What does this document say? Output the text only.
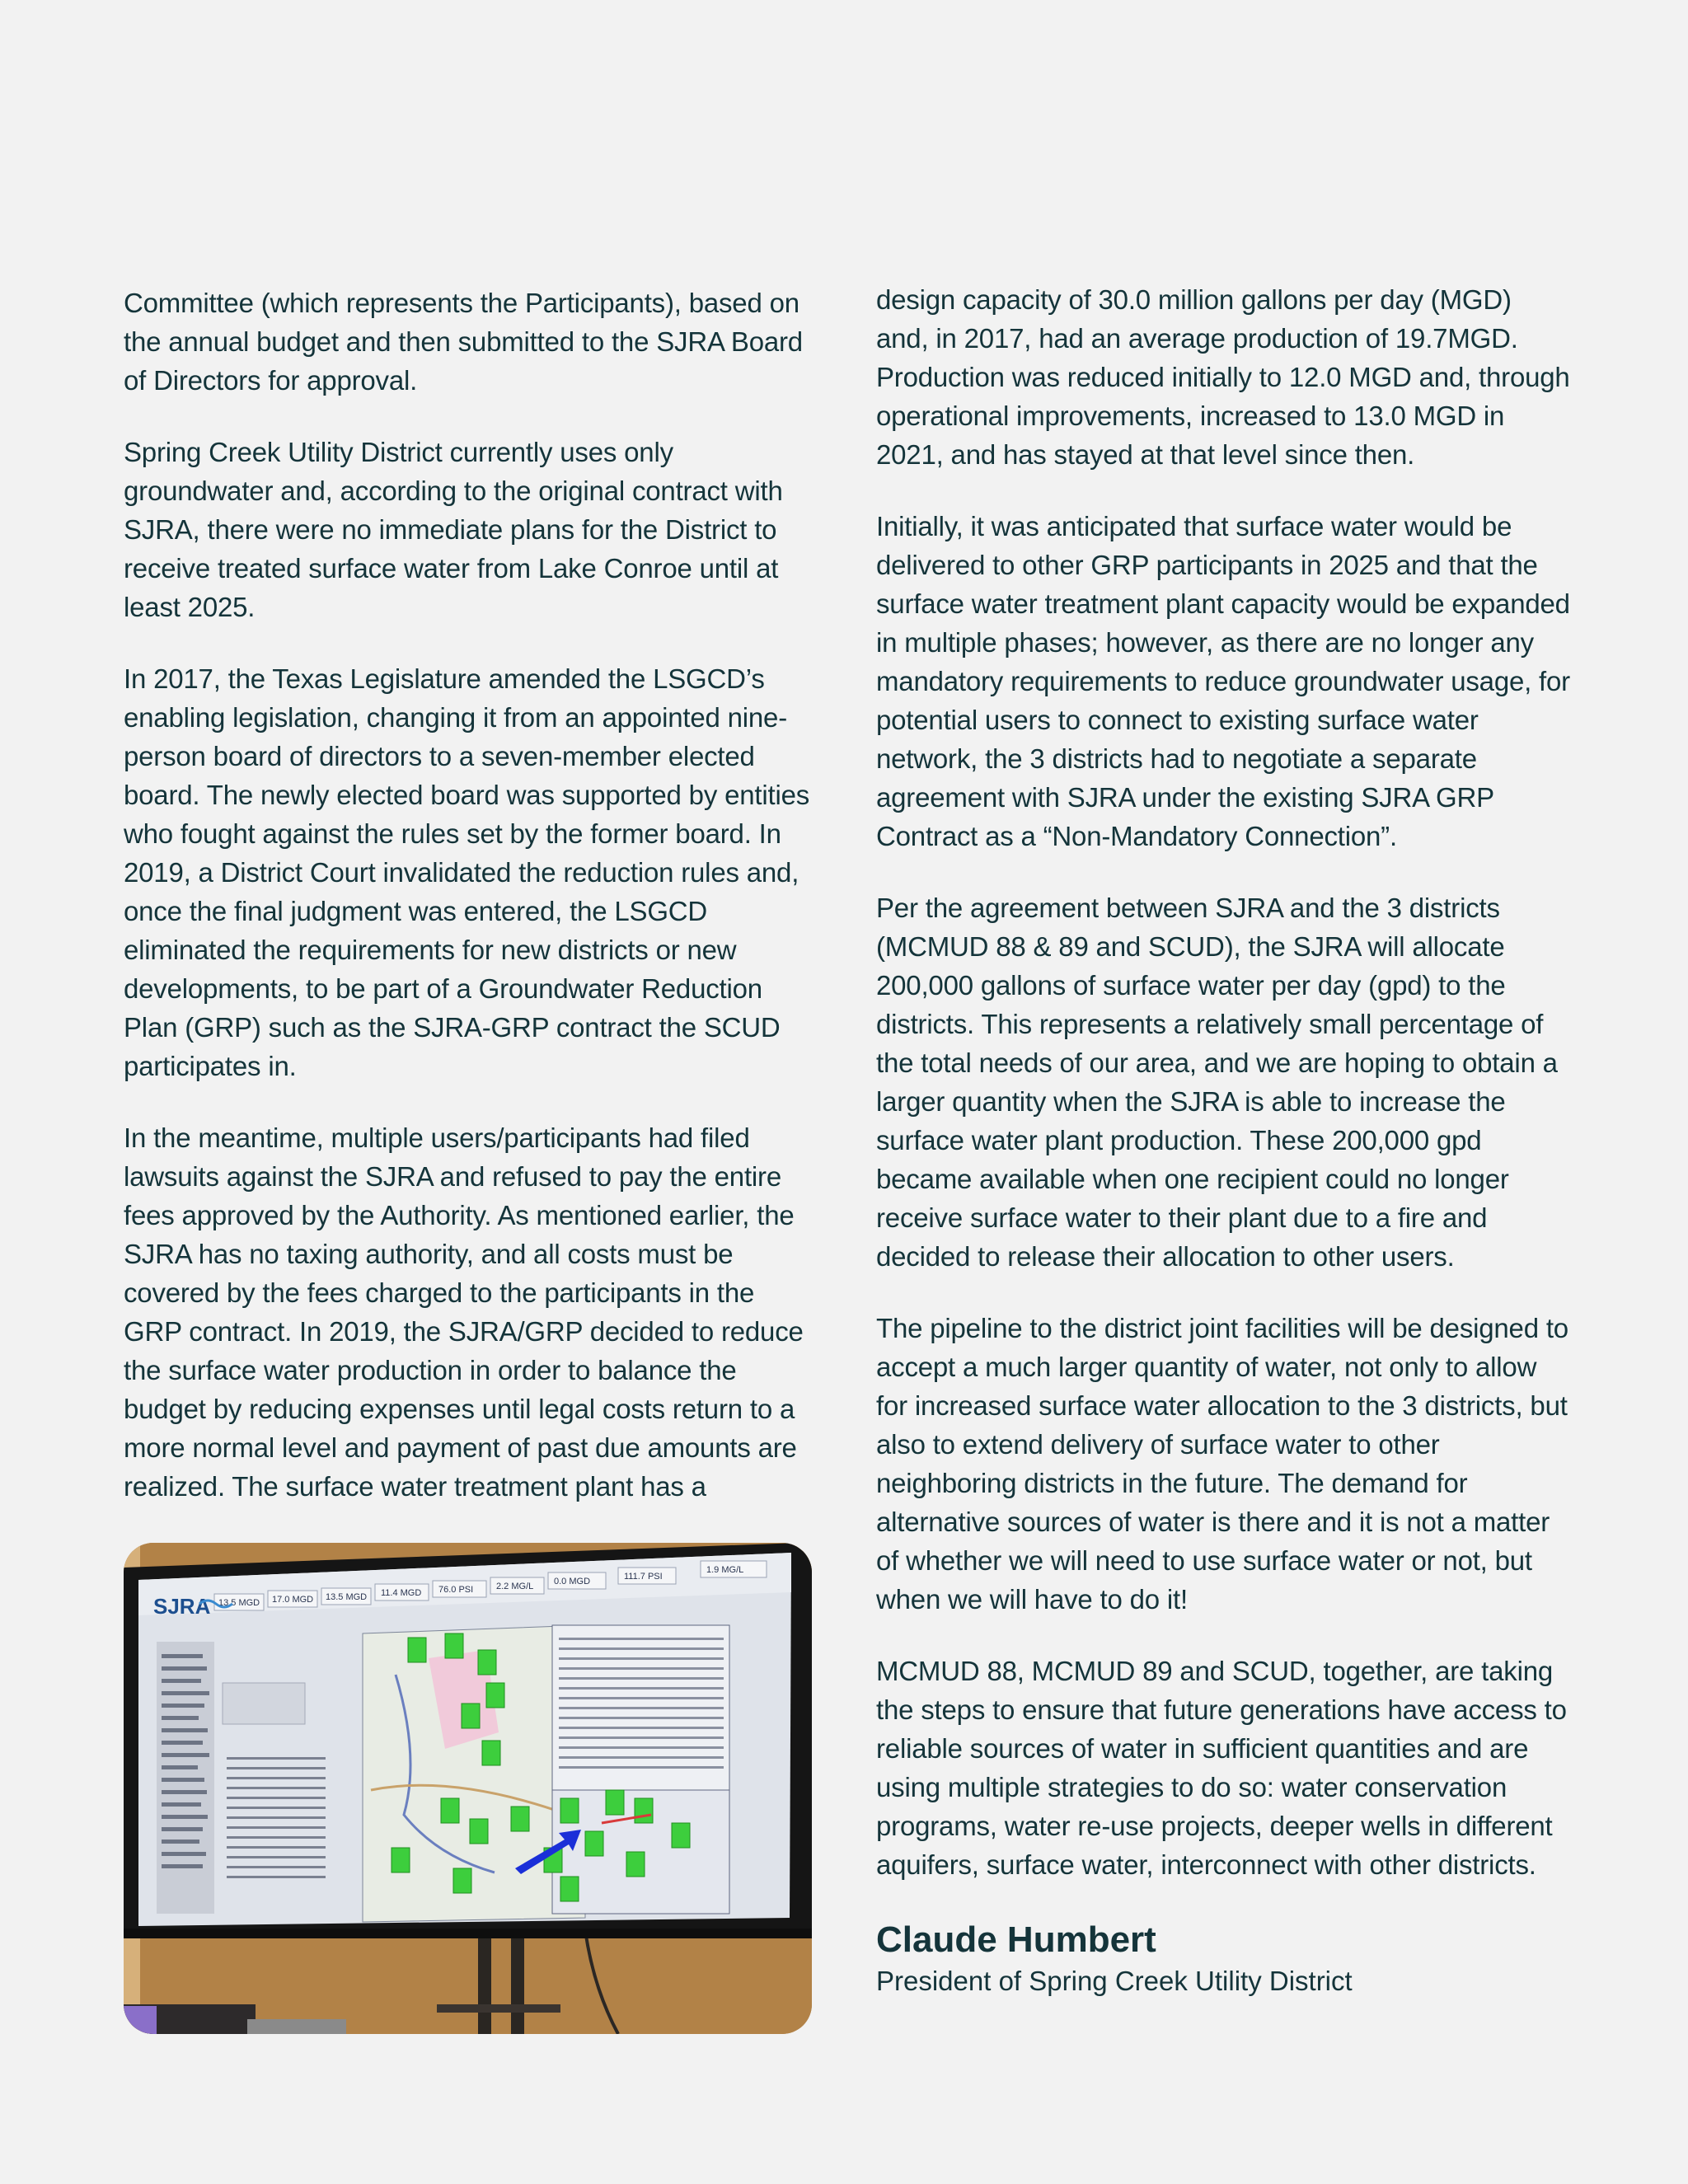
Committee (which represents the Participants), based on the annual budget and then submitted to the SJRA Board of Directors for approval.

Spring Creek Utility District currently uses only groundwater and, according to the original contract with SJRA, there were no immediate plans for the District to receive treated surface water from Lake Conroe until at least 2025.

In 2017, the Texas Legislature amended the LSGCD’s enabling legislation, changing it from an appointed nine-person board of directors to a seven-member elected board. The newly elected board was supported by entities who fought against the rules set by the former board. In 2019, a District Court invalidated the reduction rules and, once the final judgment was entered, the LSGCD eliminated the requirements for new districts or new developments, to be part of a Groundwater Reduction Plan (GRP) such as the SJRA-GRP contract the SCUD participates in.

In the meantime, multiple users/participants had filed lawsuits against the SJRA and refused to pay the entire fees approved by the Authority. As mentioned earlier, the SJRA has no taxing authority, and all costs must be covered by the fees charged to the participants in the GRP contract. In 2019, the SJRA/GRP decided to reduce the surface water production in order to balance the budget by reducing expenses until legal costs return to a more normal level and payment of past due amounts are realized. The surface water treatment plant has a

13.5 MGD 17.0 MGD 13.5 MGD 11.4 MGD 76.0 PSI	2.2 MG/L 0.0 MGD	111.7 PSI
1.9 MG/L
SJRA

design capacity of 30.0 million gallons per day (MGD) and, in 2017, had an average production of 19.7MGD. Production was reduced initially to 12.0 MGD and, through operational improvements, increased to 13.0 MGD in 2021, and has stayed at that level since then.

Initially, it was anticipated that surface water would be delivered to other GRP participants in 2025 and that the surface water treatment plant capacity would be expanded in multiple phases; however, as there are no longer any mandatory requirements to reduce groundwater usage, for potential users to connect to existing surface water network, the 3 districts had to negotiate a separate agreement with SJRA under the existing SJRA GRP Contract as a “Non-Mandatory Connection”.

Per the agreement between SJRA and the 3 districts (MCMUD 88 & 89 and SCUD), the SJRA will allocate 200,000 gallons of surface water per day (gpd) to the districts. This represents a relatively small percentage of the total needs of our area, and we are hoping to obtain a larger quantity when the SJRA is able to increase the surface water plant production. These 200,000 gpd became available when one recipient could no longer receive surface water to their plant due to a fire and decided to release their allocation to other users.

The pipeline to the district joint facilities will be designed to accept a much larger quantity of water, not only to allow for increased surface water allocation to the 3 districts, but also to extend delivery of surface water to other neighboring districts in the future. The demand for alternative sources of water is there and it is not a matter of whether we will need to use surface water or not, but when we will have to do it!

MCMUD 88, MCMUD 89 and SCUD, together, are taking the steps to ensure that future generations have access to reliable sources of water in sufficient quantities and are using multiple strategies to do so: water conservation programs, water re-use projects, deeper wells in different aquifers, surface water, interconnect with other districts.

Claude Humbert

President of Spring Creek Utility District
